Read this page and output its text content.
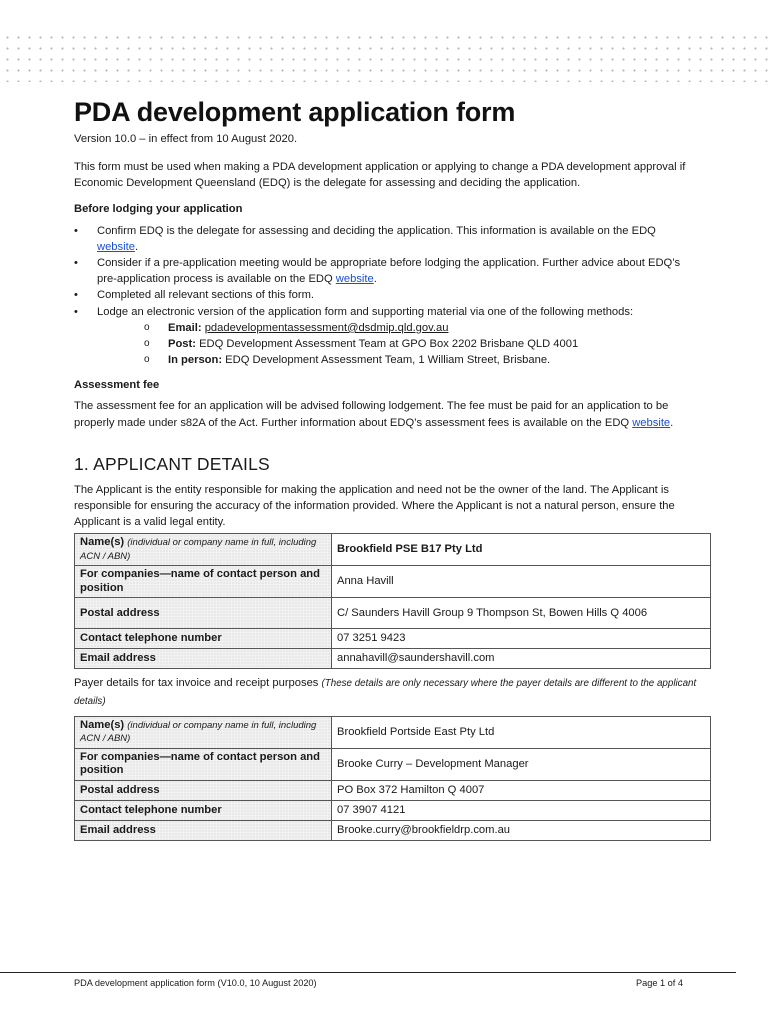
PDA development application form

Version 10.0 – in effect from 10 August 2020.

This form must be used when making a PDA development application or applying to change a PDA development approval if Economic Development Queensland (EDQ) is the delegate for assessing and deciding the application.

Before lodging your application
• Confirm EDQ is the delegate for assessing and deciding the application. This information is available on the EDQ website.
• Consider if a pre-application meeting would be appropriate before lodging the application. Further advice about EDQ’s pre-application process is available on the EDQ website.
• Completed all relevant sections of this form.
• Lodge an electronic version of the application form and supporting material via one of the following methods:
o Email: pdadevelopmentassessment@dsdmip.qld.gov.au
o Post: EDQ Development Assessment Team at GPO Box 2202 Brisbane QLD 4001
o In person: EDQ Development Assessment Team, 1 William Street, Brisbane.
Assessment fee

The assessment fee for an application will be advised following lodgement. The fee must be paid for an application to be properly made under s82A of the Act. Further information about EDQ’s assessment fees is available on the EDQ website.

1. APPLICANT DETAILS

The Applicant is the entity responsible for making the application and need not be the owner of the land. The Applicant is responsible for ensuring the accuracy of the information provided. Where the Applicant is not a natural person, ensure the Applicant is a valid legal entity.

Name(s) (individual or company name in full, including ACN / ABN)	Brookfield PSE B17 Pty Ltd
For companies—name of contact person and position	Anna Havill
Postal address	C/ Saunders Havill Group 9 Thompson St, Bowen Hills Q 4006
Contact telephone number	07 3251 9423
Email address	annahavill@saundershavill.com

Payer details for tax invoice and receipt purposes (These details are only necessary where the payer details are different to the applicant details)

Name(s) (individual or company name in full, including ACN / ABN)	Brookfield Portside East Pty Ltd
For companies—name of contact person and position	Brooke Curry – Development Manager
Postal address	PO Box 372 Hamilton Q 4007
Contact telephone number	07 3907 4121
Email address	Brooke.curry@brookfieldrp.com.au
PDA development application form (V10.0, 10 August 2020)	Page 1 of 4
